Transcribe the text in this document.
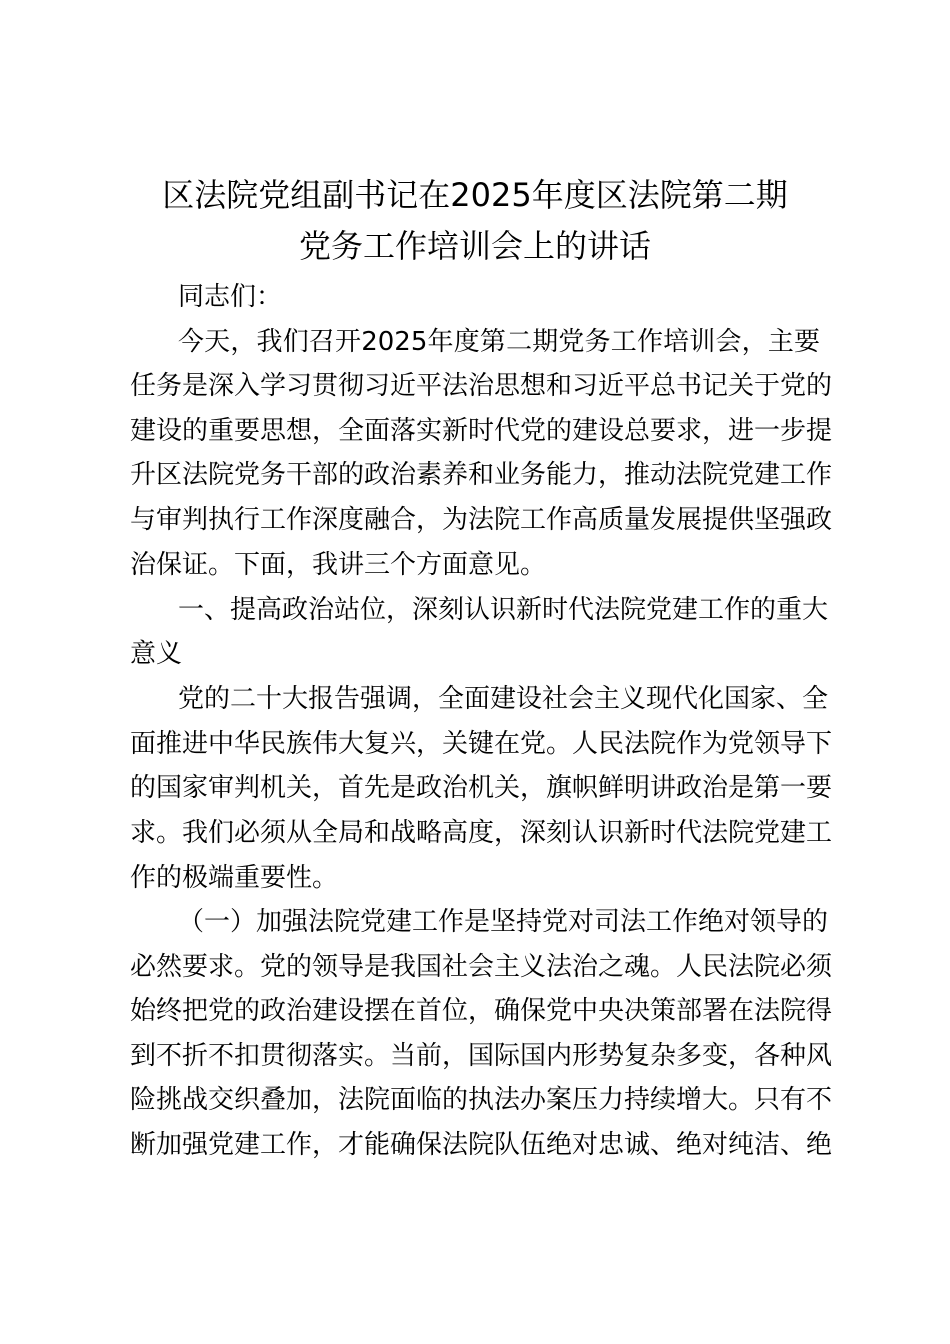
区法院党组副书记在2025年度区法院第二期
党务工作培训会上的讲话
同志们：
今天，我们召开2025年度第二期党务工作培训会，主要
任务是深入学习贯彻习近平法治思想和习近平总书记关于党的
建设的重要思想，全面落实新时代党的建设总要求，进一步提
升区法院党务干部的政治素养和业务能力，推动法院党建工作
与审判执行工作深度融合，为法院工作高质量发展提供坚强政
治保证。下面，我讲三个方面意见。
一、提高政治站位，深刻认识新时代法院党建工作的重大
意义
党的二十大报告强调，全面建设社会主义现代化国家、全
面推进中华民族伟大复兴，关键在党。人民法院作为党领导下
的国家审判机关，首先是政治机关，旗帜鲜明讲政治是第一要
求。我们必须从全局和战略高度，深刻认识新时代法院党建工
作的极端重要性。
（一）加强法院党建工作是坚持党对司法工作绝对领导的
必然要求。党的领导是我国社会主义法治之魂。人民法院必须
始终把党的政治建设摆在首位，确保党中央决策部署在法院得
到不折不扣贯彻落实。当前，国际国内形势复杂多变，各种风
险挑战交织叠加，法院面临的执法办案压力持续增大。只有不
断加强党建工作，才能确保法院队伍绝对忠诚、绝对纯洁、绝
